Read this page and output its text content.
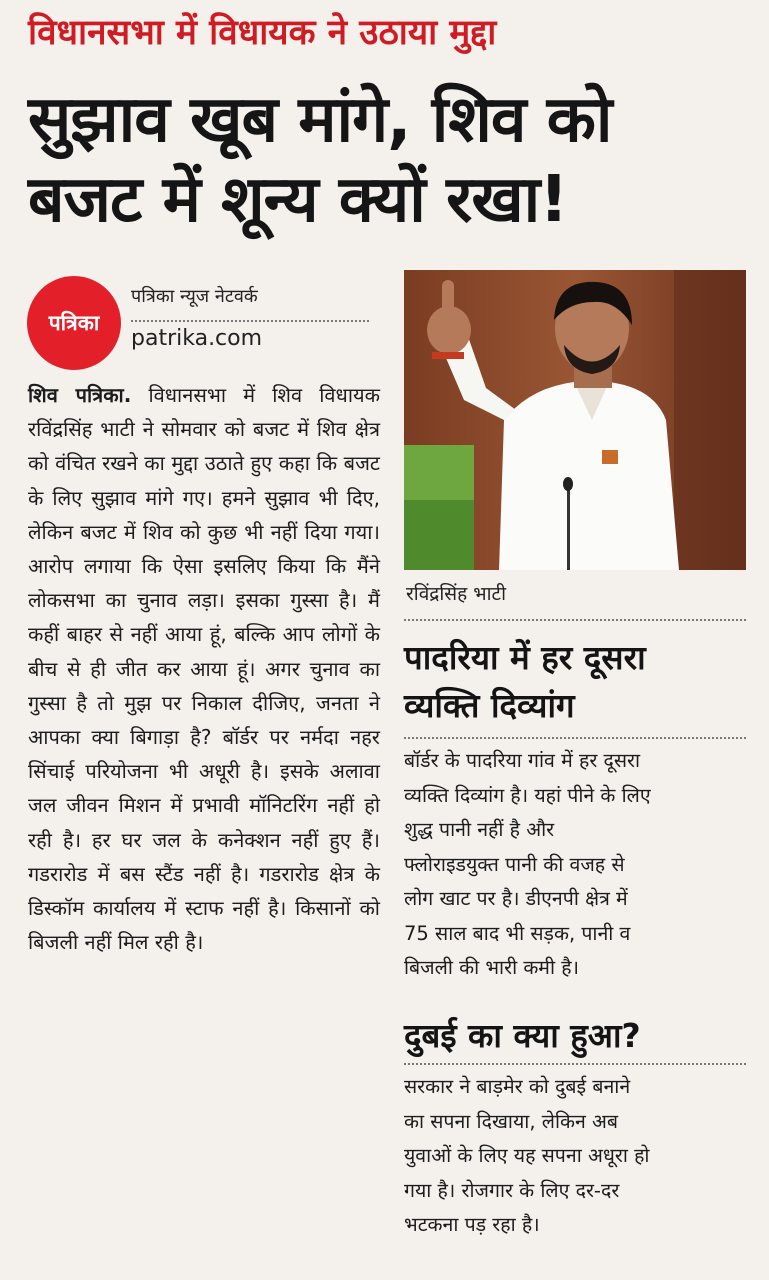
विधानसभा में विधायक ने उठाया मुद्दा
सुझाव खूब मांगे, शिव को
बजट में शून्य क्यों रखा!
पत्रिका
पत्रिका न्यूज नेटवर्क
patrika.com
शिव पत्रिका. विधानसभा में शिव विधायक रविंद्रसिंह भाटी ने सोमवार को बजट में शिव क्षेत्र को वंचित रखने का मुद्दा उठाते हुए कहा कि बजट के लिए सुझाव मांगे गए। हमने सुझाव भी दिए, लेकिन बजट में शिव को कुछ भी नहीं दिया गया। आरोप लगाया कि ऐसा इसलिए किया कि मैंने लोकसभा का चुनाव लड़ा। इसका गुस्सा है। मैं कहीं बाहर से नहीं आया हूं, बल्कि आप लोगों के बीच से ही जीत कर आया हूं। अगर चुनाव का गुस्सा है तो मुझ पर निकाल दीजिए, जनता ने आपका क्या बिगाड़ा है? बॉर्डर पर नर्मदा नहर सिंचाई परियोजना भी अधूरी है। इसके अलावा जल जीवन मिशन में प्रभावी मॉनिटरिंग नहीं हो रही है। हर घर जल के कनेक्शन नहीं हुए हैं। गडरारोड में बस स्टैंड नहीं है। गडरारोड क्षेत्र के डिस्कॉम कार्यालय में स्टाफ नहीं है। किसानों को बिजली नहीं मिल रही है।
रविंद्रसिंह भाटी
पादरिया में हर दूसरा
व्यक्ति दिव्यांग
बॉर्डर के पादरिया गांव में हर दूसरा
व्यक्ति दिव्यांग है। यहां पीने के लिए
शुद्ध पानी नहीं है और
फ्लोराइडयुक्त पानी की वजह से
लोग खाट पर है। डीएनपी क्षेत्र में
75 साल बाद भी सड़क, पानी व
बिजली की भारी कमी है।
दुबई का क्या हुआ?
सरकार ने बाड़मेर को दुबई बनाने
का सपना दिखाया, लेकिन अब
युवाओं के लिए यह सपना अधूरा हो
गया है। रोजगार के लिए दर-दर
भटकना पड़ रहा है।
